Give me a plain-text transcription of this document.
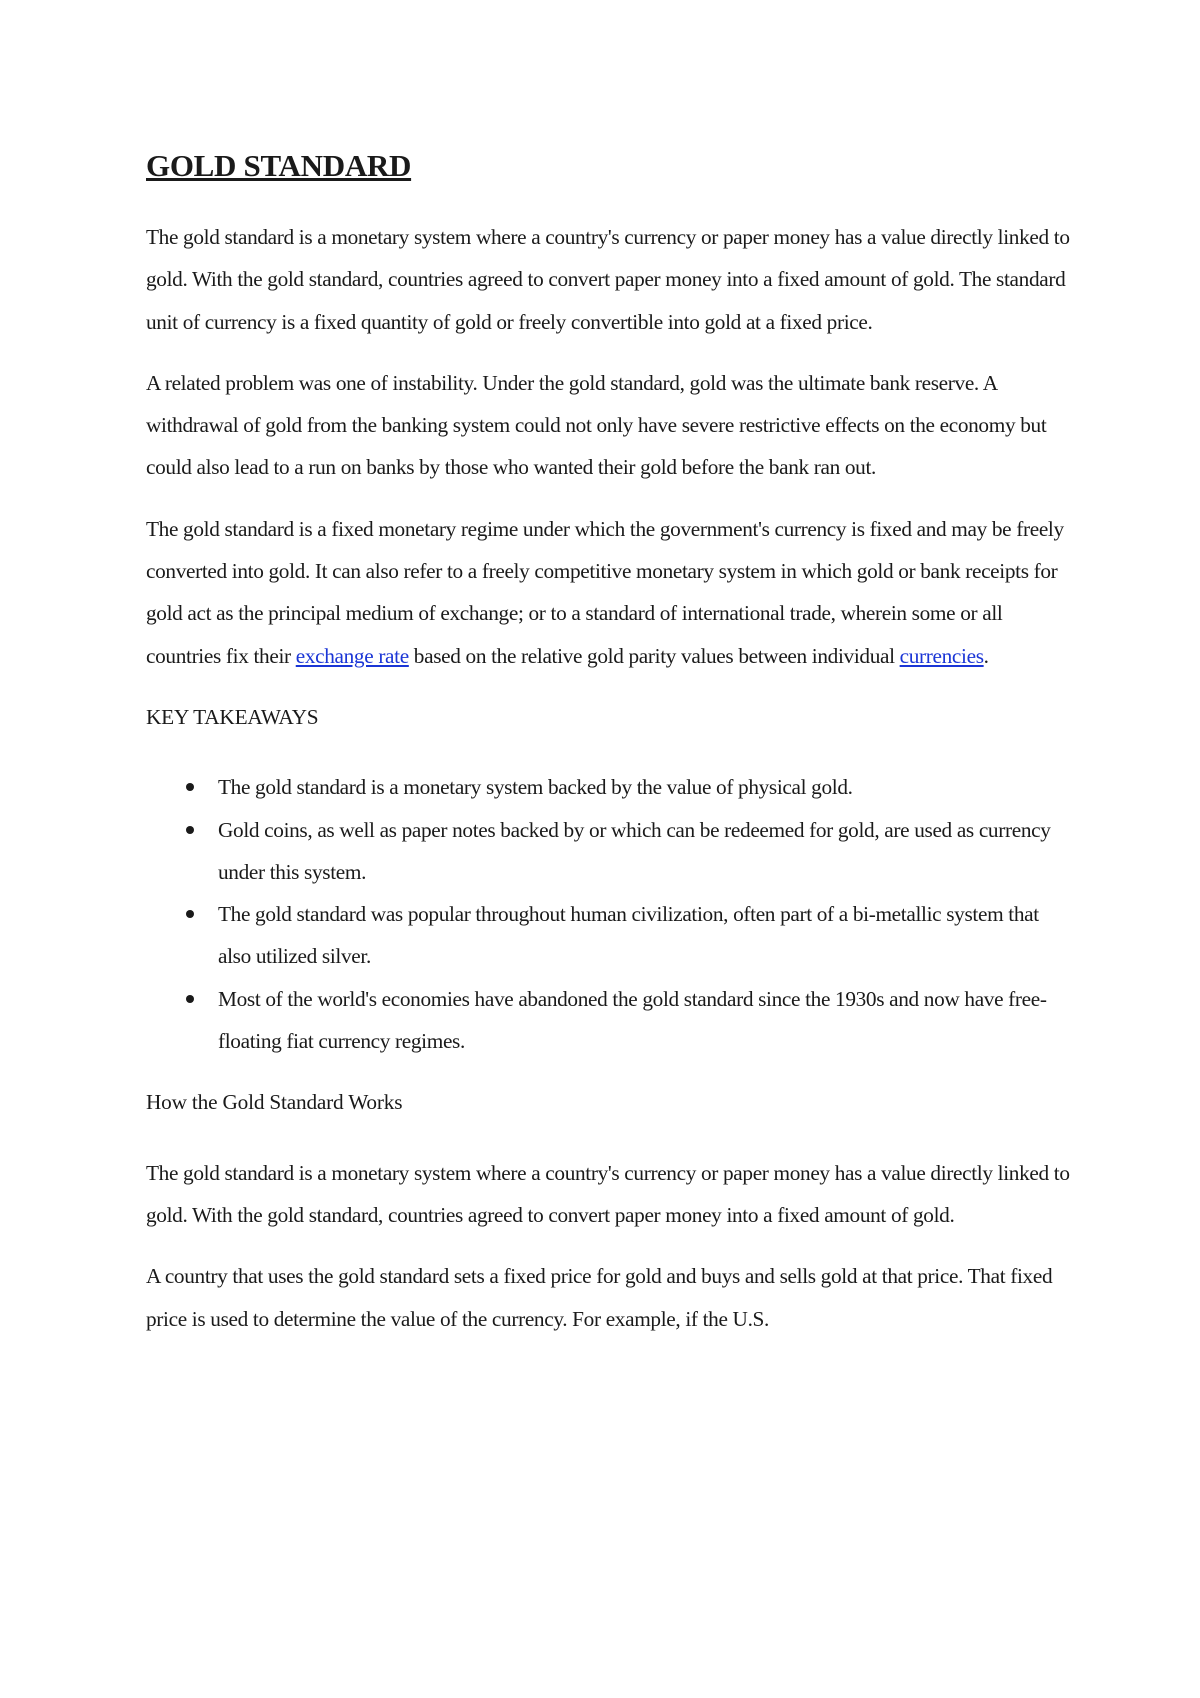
GOLD STANDARD

The gold standard is a monetary system where a country's currency or paper money has a value directly linked to gold. With the gold standard, countries agreed to convert paper money into a fixed amount of gold. The standard unit of currency is a fixed quantity of gold or freely convertible into gold at a fixed price.

A related problem was one of instability. Under the gold standard, gold was the ultimate bank reserve. A withdrawal of gold from the banking system could not only have severe restrictive effects on the economy but could also lead to a run on banks by those who wanted their gold before the bank ran out.

The gold standard is a fixed monetary regime under which the government's currency is fixed and may be freely converted into gold. It can also refer to a freely competitive monetary system in which gold or bank receipts for gold act as the principal medium of exchange; or to a standard of international trade, wherein some or all countries fix their exchange rate based on the relative gold parity values between individual currencies.

KEY TAKEAWAYS

The gold standard is a monetary system backed by the value of physical gold.
Gold coins, as well as paper notes backed by or which can be redeemed for gold, are used as currency under this system.
The gold standard was popular throughout human civilization, often part of a bi-metallic system that also utilized silver.
Most of the world's economies have abandoned the gold standard since the 1930s and now have free-floating fiat currency regimes.

How the Gold Standard Works

The gold standard is a monetary system where a country's currency or paper money has a value directly linked to gold. With the gold standard, countries agreed to convert paper money into a fixed amount of gold.

A country that uses the gold standard sets a fixed price for gold and buys and sells gold at that price. That fixed price is used to determine the value of the currency. For example, if the U.S.
